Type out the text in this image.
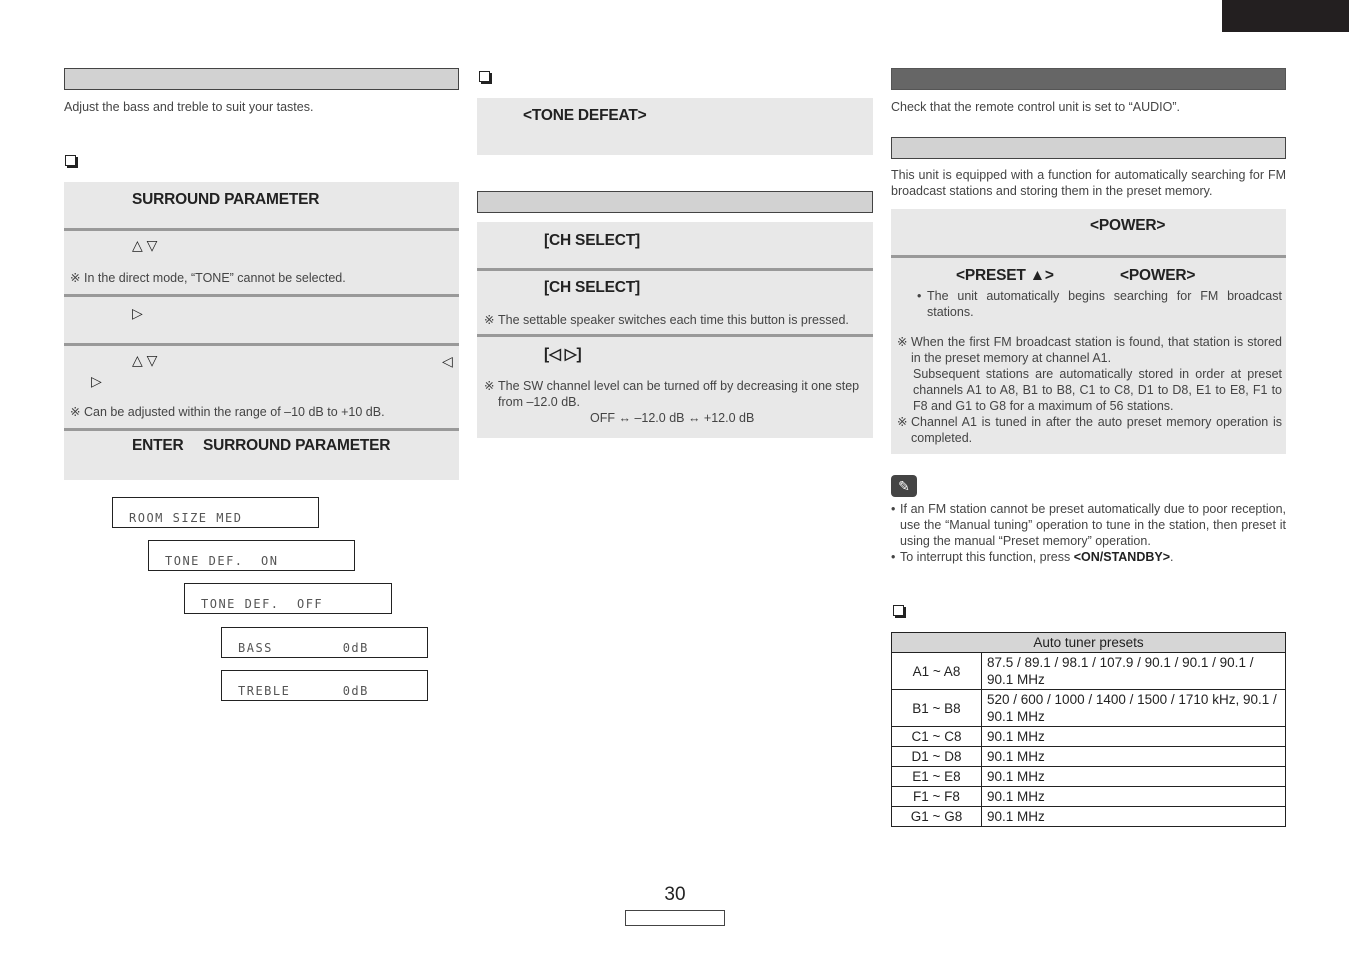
Adjust the bass and treble to suit your tastes.
SURROUND PARAMETER
△ ▽
※ In the direct mode, “TONE” cannot be selected.
▷
△ ▽	◁
▷
※ Can be adjusted within the range of –10 dB to +10 dB.
ENTER SURROUND PARAMETER
ROOM SIZE MED
TONE DEF.  ON
TONE DEF.  OFF
BASS        0dB
TREBLE      0dB
<TONE DEFEAT>
[CH SELECT]
[CH SELECT]
※ The settable speaker switches each time this button is pressed.
[◁ ▷]
※ The SW channel level can be turned off by decreasing it one step from –12.0 dB.
OFF ↔ –12.0 dB ↔ +12.0 dB
Check that the remote control unit is set to “AUDIO”.
This unit is equipped with a function for automatically searching for FM broadcast stations and storing them in the preset memory.
<POWER>
<PRESET ▲>	<POWER>
• The unit automatically begins searching for FM broadcast stations.
※ When the first FM broadcast station is found, that station is stored in the preset memory at channel A1.
Subsequent stations are automatically stored in order at preset channels A1 to A8, B1 to B8, C1 to C8, D1 to D8, E1 to E8, F1 to F8 and G1 to G8 for a maximum of 56 stations.
※ Channel A1 is tuned in after the auto preset memory operation is completed.
✎
• If an FM station cannot be preset automatically due to poor reception, use the “Manual tuning” operation to tune in the station, then preset it using the manual “Preset memory” operation.
• To interrupt this function, press <ON/STANDBY>.
Auto tuner presets	
A1 ~ A8	87.5 / 89.1 / 98.1 / 107.9 / 90.1 / 90.1 / 90.1 / 90.1 MHz
B1 ~ B8	520 / 600 / 1000 / 1400 / 1500 / 1710 kHz, 90.1 / 90.1 MHz
C1 ~ C8	90.1 MHz
D1 ~ D8	90.1 MHz
E1 ~ E8	90.1 MHz
F1 ~ F8	90.1 MHz
G1 ~ G8	90.1 MHz
30
